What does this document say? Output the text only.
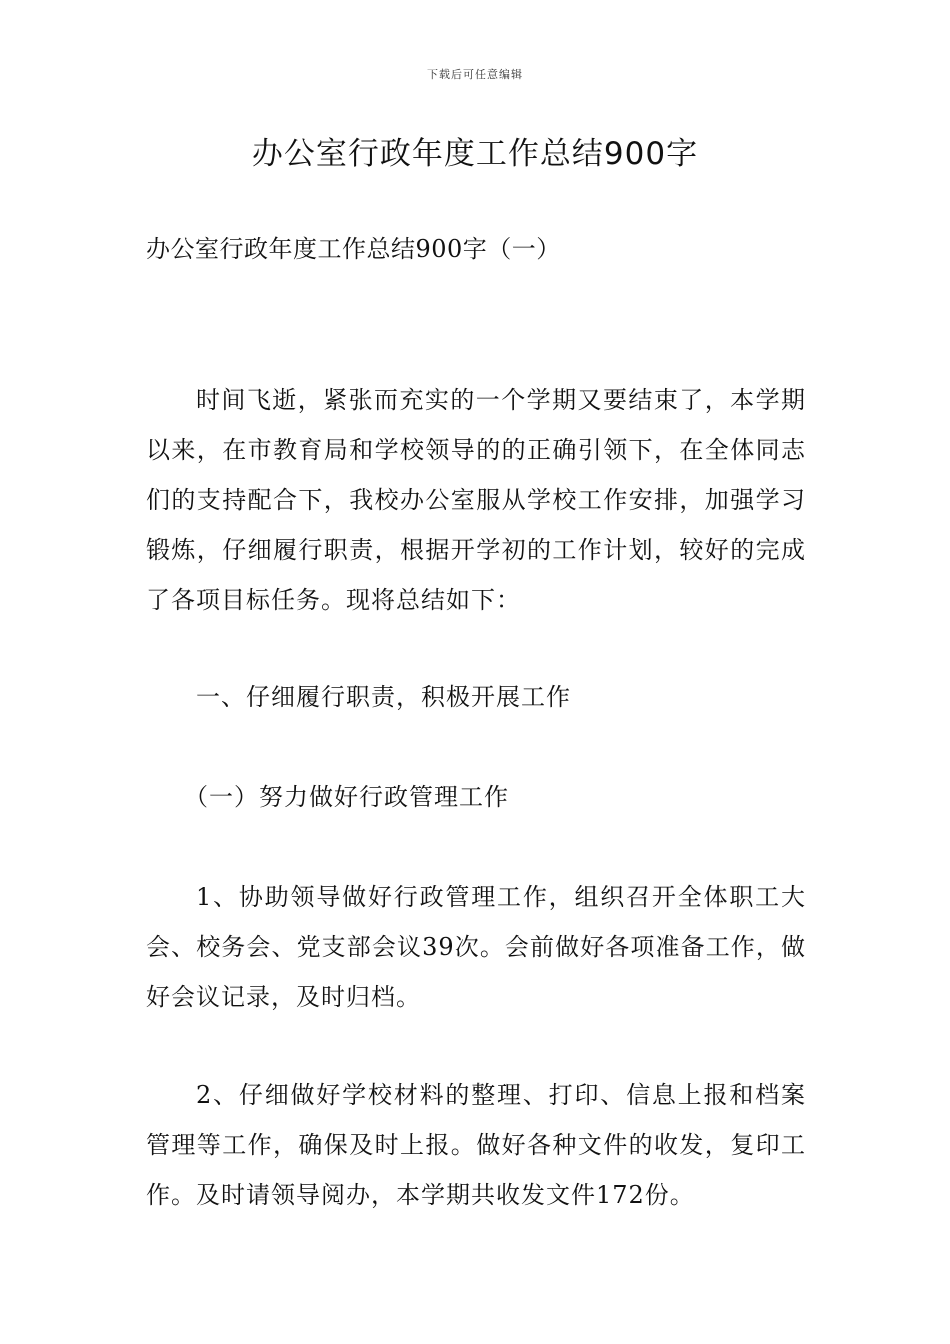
下载后可任意编辑
办公室行政年度工作总结900字
办公室行政年度工作总结900字（一）

时间飞逝，紧张而充实的一个学期又要结束了，本学期以来，在市教育局和学校领导的的正确引领下，在全体同志们的支持配合下，我校办公室服从学校工作安排，加强学习锻炼，仔细履行职责，根据开学初的工作计划，较好的完成了各项目标任务。现将总结如下：

一、仔细履行职责，积极开展工作
（一）努力做好行政管理工作

1、协助领导做好行政管理工作，组织召开全体职工大会、校务会、党支部会议39次。会前做好各项准备工作，做好会议记录，及时归档。

2、仔细做好学校材料的整理、打印、信息上报和档案管理等工作，确保及时上报。做好各种文件的收发，复印工作。及时请领导阅办，本学期共收发文件172份。
